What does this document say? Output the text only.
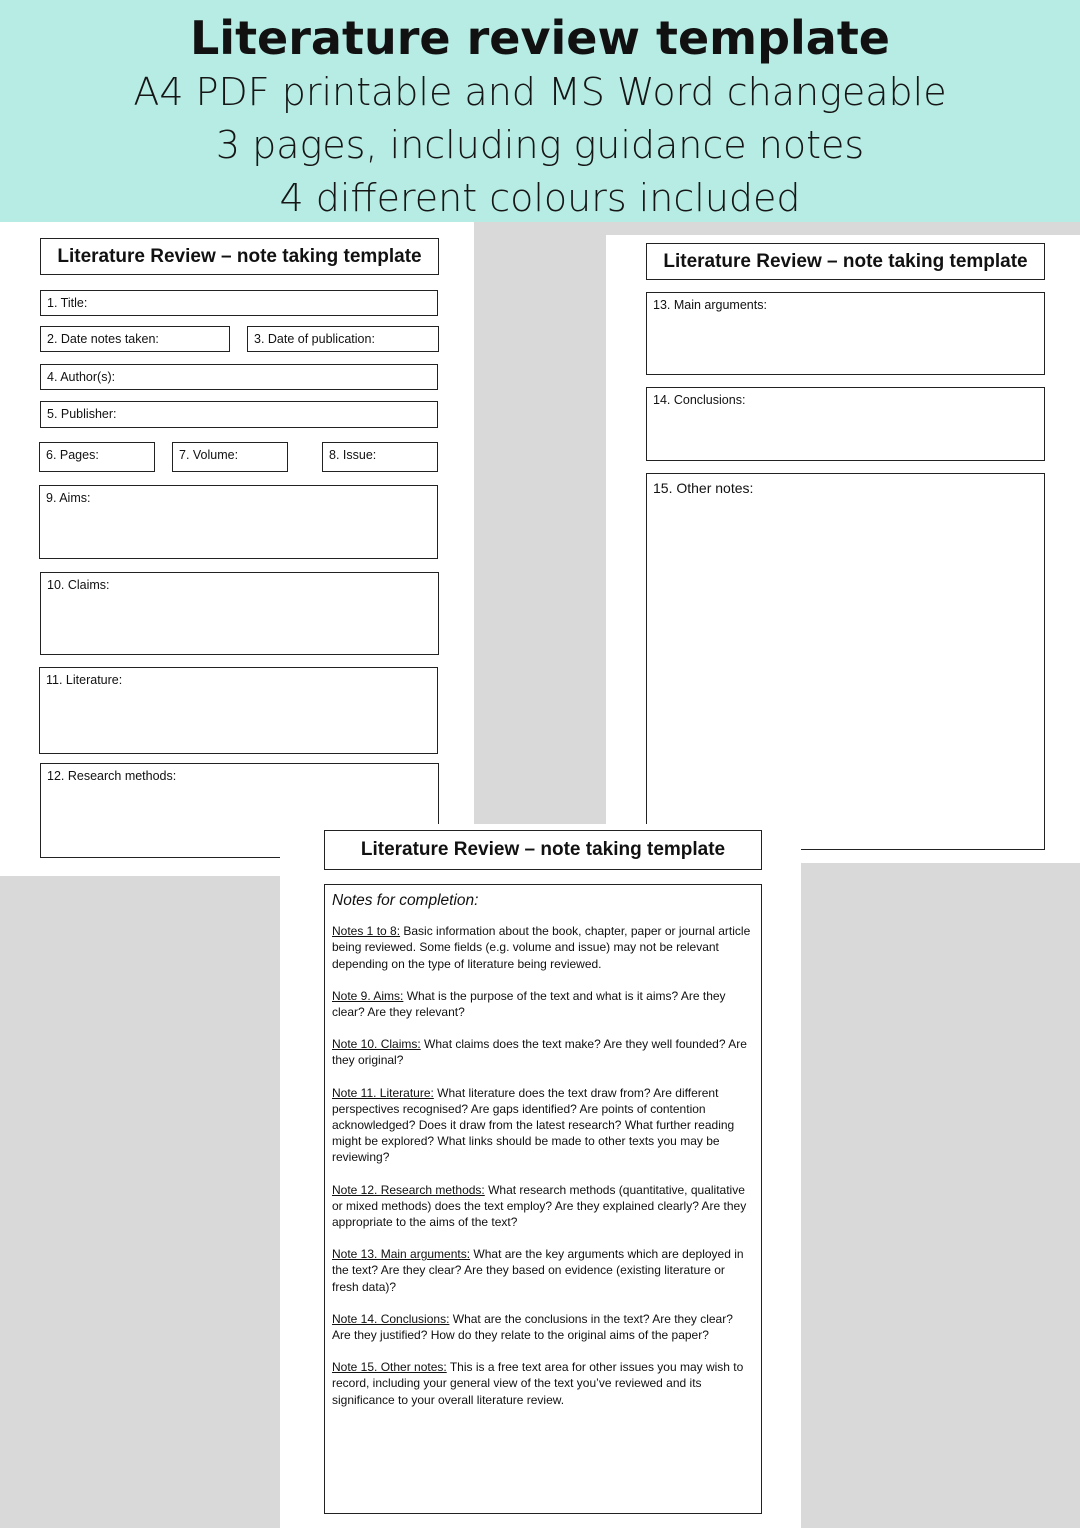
Literature review template
A4 PDF printable and MS Word changeable
3 pages, including guidance notes
4 different colours included
Literature Review – note taking template
1. Title:
2. Date notes taken:	3. Date of publication:
4. Author(s):
5. Publisher:
6. Pages:	7. Volume:	8. Issue:
9. Aims:
10. Claims:
11. Literature:
12. Research methods:
Literature Review – note taking template
13. Main arguments:
14. Conclusions:
15. Other notes:
Literature Review – note taking template
Notes for completion:

Notes 1 to 8: Basic information about the book, chapter, paper or journal article being reviewed. Some fields (e.g. volume and issue) may not be relevant depending on the type of literature being reviewed.

Note 9. Aims: What is the purpose of the text and what is it aims? Are they clear? Are they relevant?

Note 10. Claims: What claims does the text make? Are they well founded? Are they original?

Note 11. Literature: What literature does the text draw from? Are different perspectives recognised? Are gaps identified? Are points of contention acknowledged? Does it draw from the latest research? What further reading might be explored? What links should be made to other texts you may be reviewing?

Note 12. Research methods: What research methods (quantitative, qualitative or mixed methods) does the text employ? Are they explained clearly? Are they appropriate to the aims of the text?

Note 13. Main arguments: What are the key arguments which are deployed in the text? Are they clear? Are they based on evidence (existing literature or fresh data)?

Note 14. Conclusions: What are the conclusions in the text? Are they clear? Are they justified? How do they relate to the original aims of the paper?

Note 15. Other notes: This is a free text area for other issues you may wish to record, including your general view of the text you’ve reviewed and its significance to your overall literature review.
